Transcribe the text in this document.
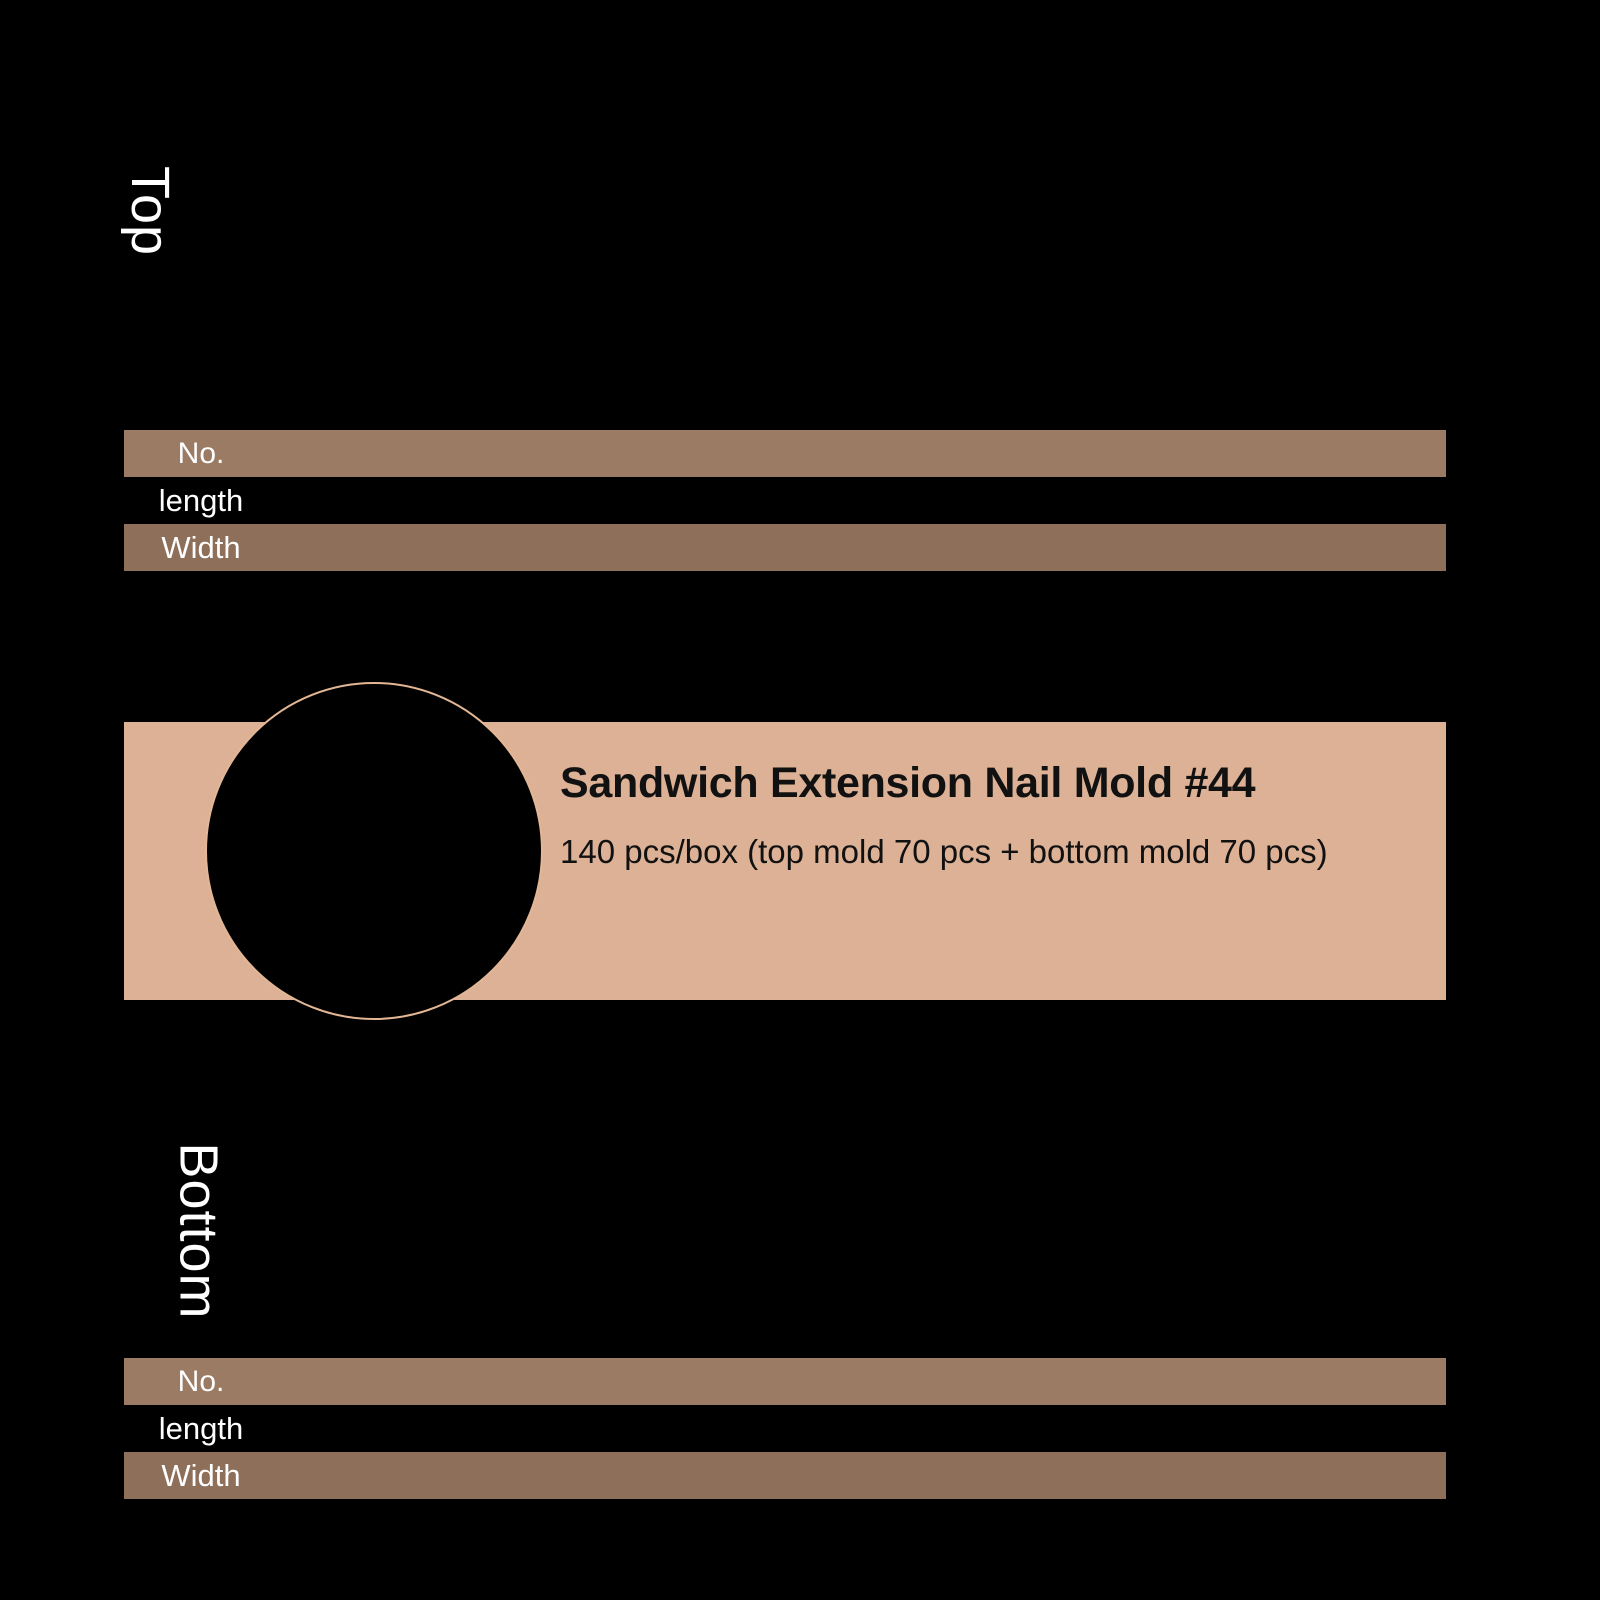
Top
No.
length
Width
Sandwich Extension Nail Mold #44
140 pcs/box (top mold 70 pcs + bottom mold 70 pcs)
Bottom
No.
length
Width
